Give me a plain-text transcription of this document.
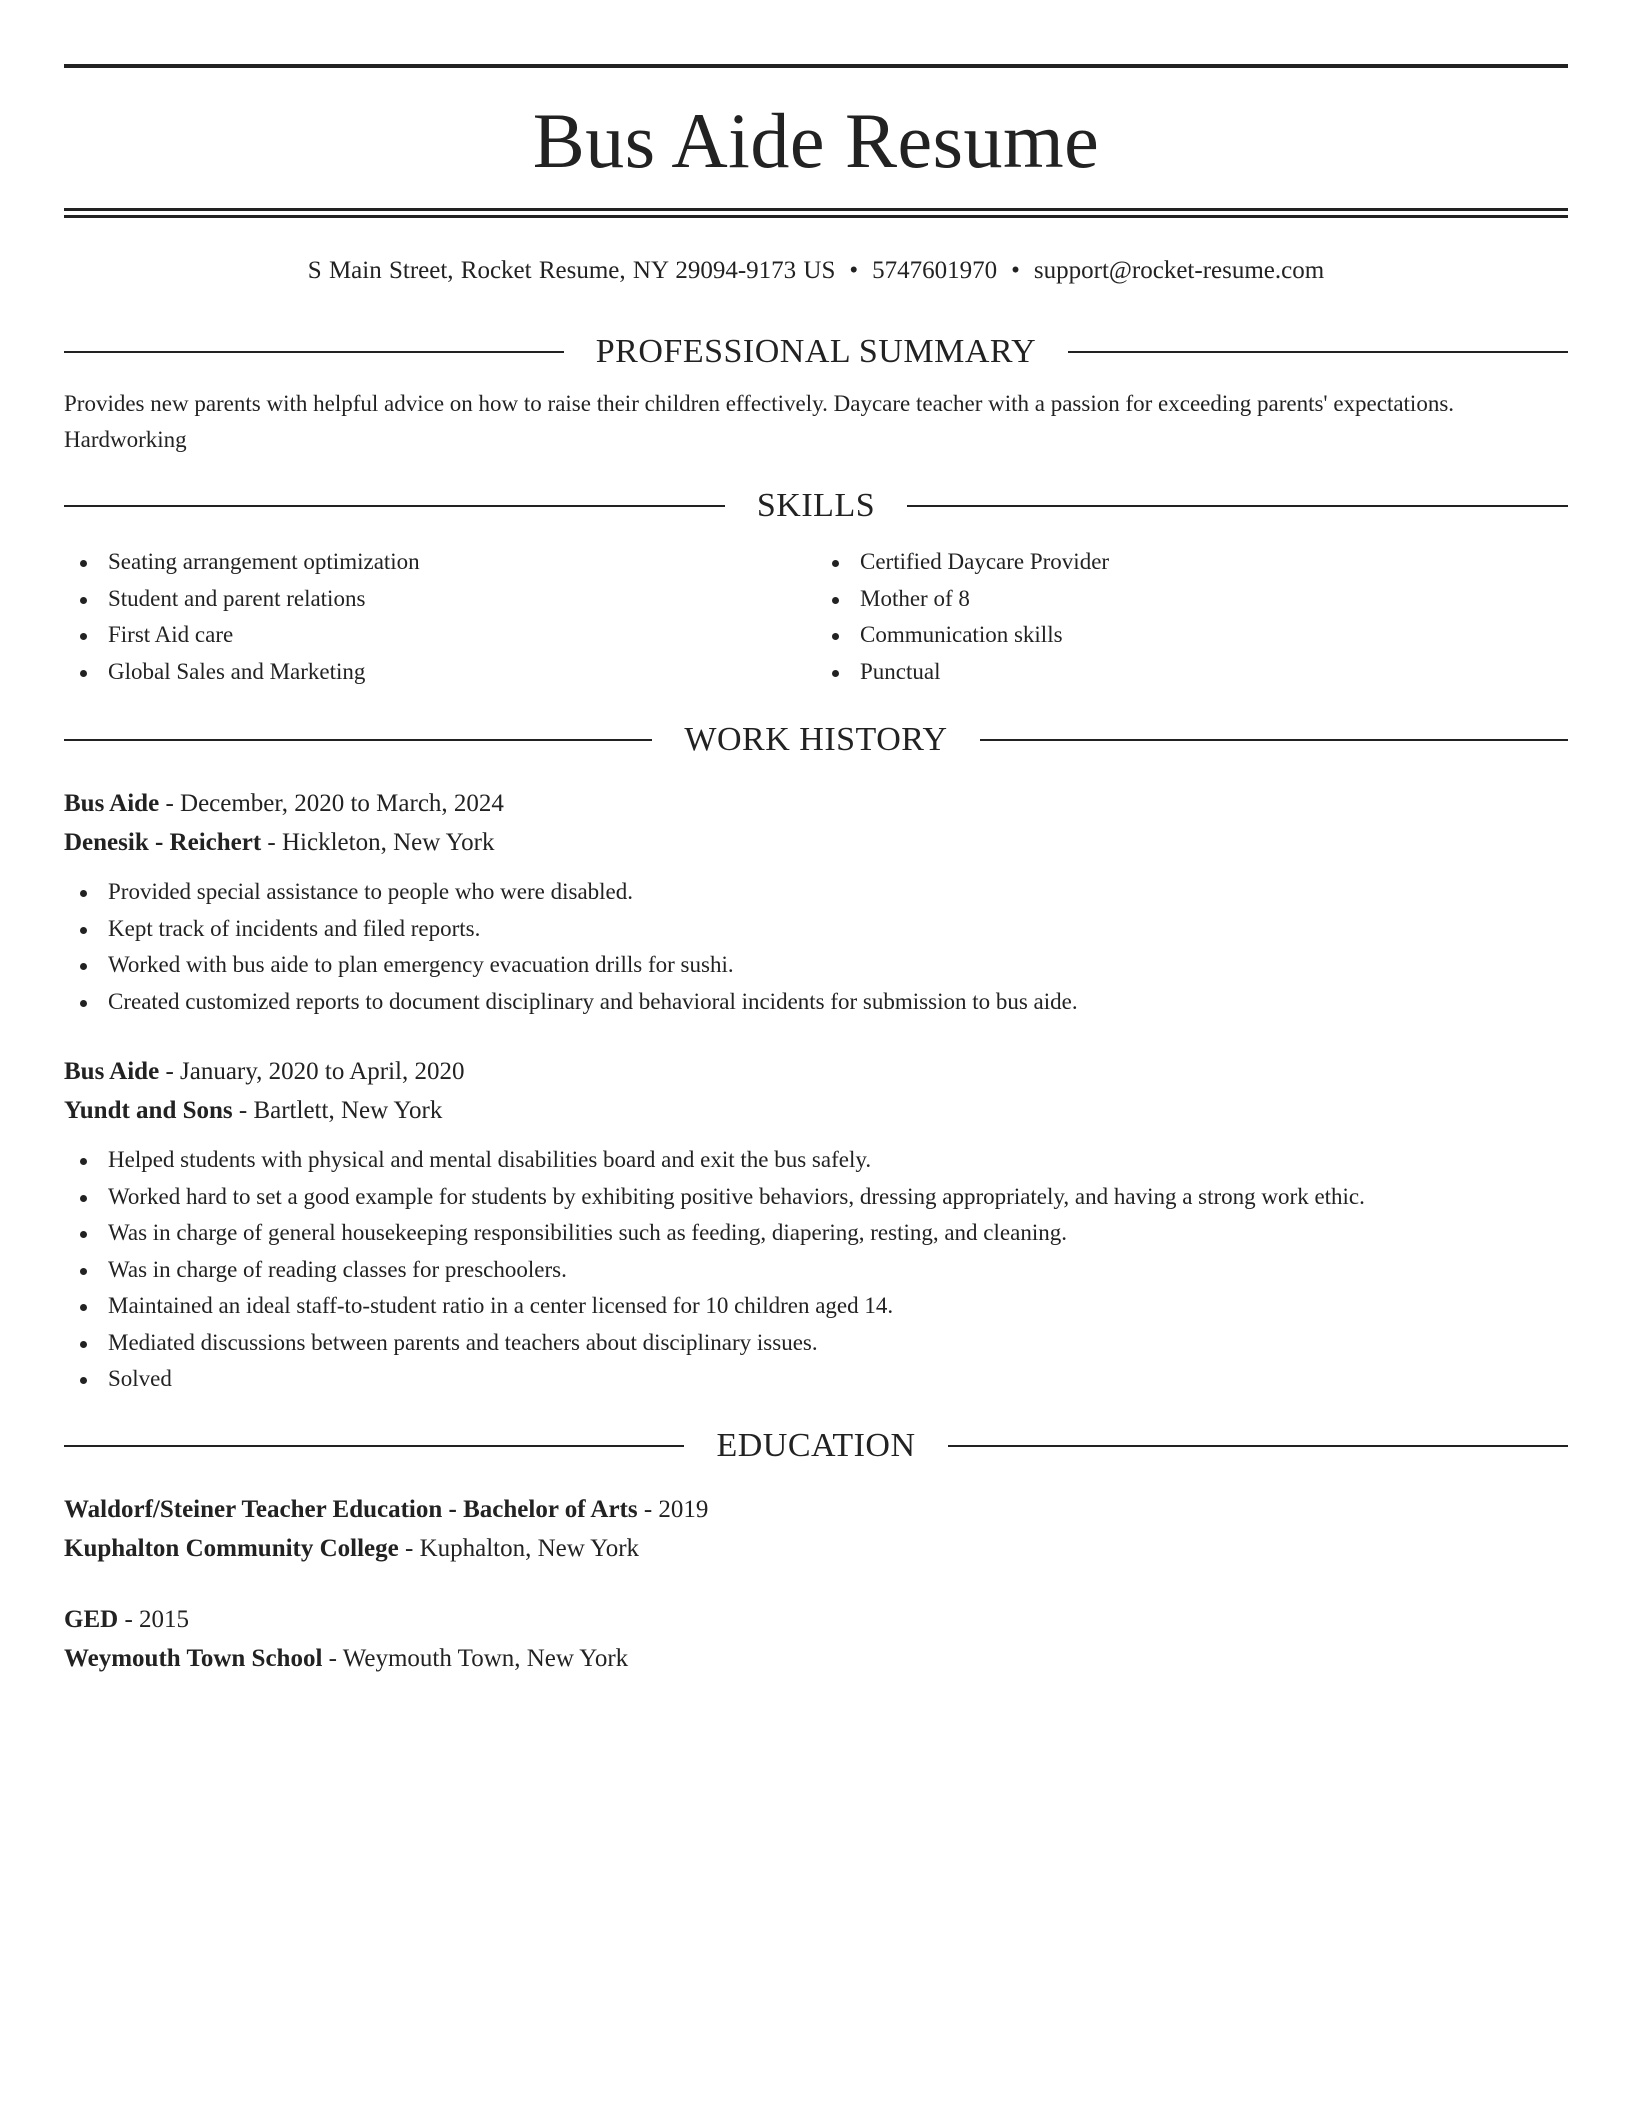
Bus Aide Resume
S Main Street, Rocket Resume, NY 29094-9173 US • 5747601970 • support@rocket-resume.com
PROFESSIONAL SUMMARY
Provides new parents with helpful advice on how to raise their children effectively. Daycare teacher with a passion for exceeding parents' expectations. Hardworking
SKILLS
Seating arrangement optimization
Student and parent relations
First Aid care
Global Sales and Marketing
Certified Daycare Provider
Mother of 8
Communication skills
Punctual
WORK HISTORY
Bus Aide - December, 2020 to March, 2024
Denesik - Reichert - Hickleton, New York
Provided special assistance to people who were disabled.
Kept track of incidents and filed reports.
Worked with bus aide to plan emergency evacuation drills for sushi.
Created customized reports to document disciplinary and behavioral incidents for submission to bus aide.
Bus Aide - January, 2020 to April, 2020
Yundt and Sons - Bartlett, New York
Helped students with physical and mental disabilities board and exit the bus safely.
Worked hard to set a good example for students by exhibiting positive behaviors, dressing appropriately, and having a strong work ethic.
Was in charge of general housekeeping responsibilities such as feeding, diapering, resting, and cleaning.
Was in charge of reading classes for preschoolers.
Maintained an ideal staff-to-student ratio in a center licensed for 10 children aged 14.
Mediated discussions between parents and teachers about disciplinary issues.
Solved
EDUCATION
Waldorf/Steiner Teacher Education - Bachelor of Arts - 2019
Kuphalton Community College - Kuphalton, New York
GED - 2015
Weymouth Town School - Weymouth Town, New York
